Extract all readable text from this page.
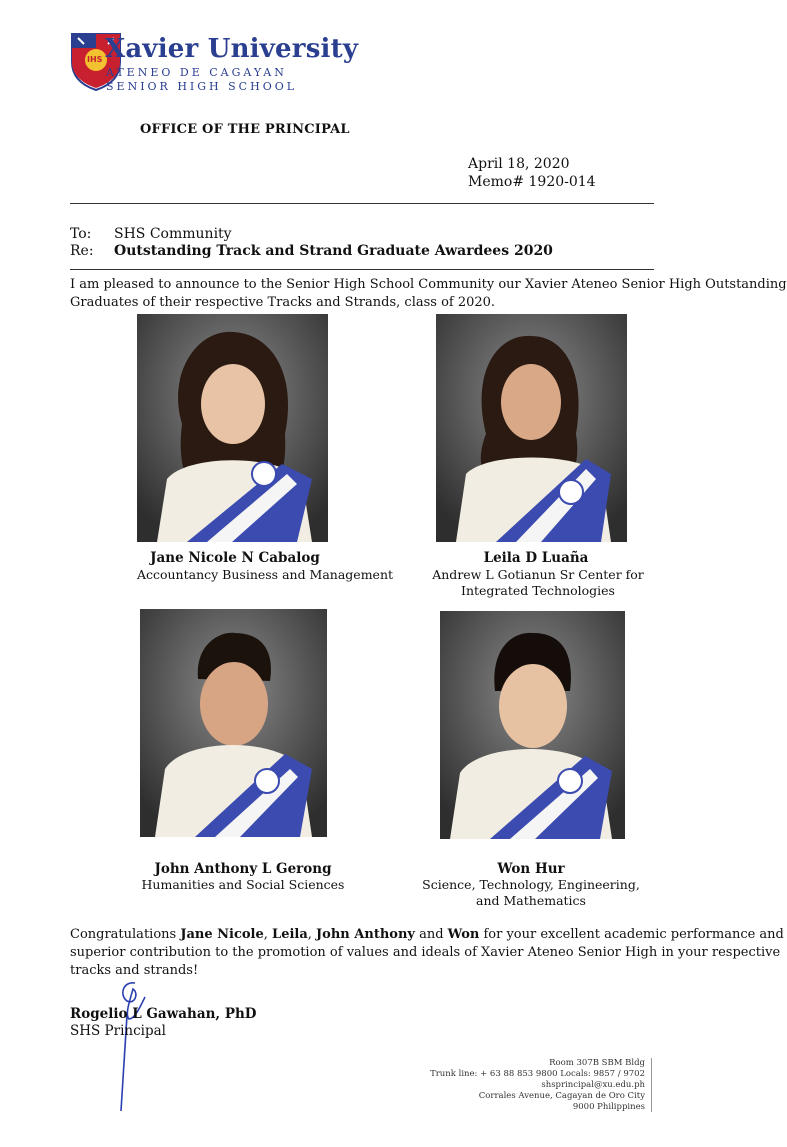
IHS Xavier University
ATENEO DE CAGAYAN
SENIOR HIGH SCHOOL
OFFICE OF THE PRINCIPAL
April 18, 2020
Memo# 1920-014
To: SHS Community
Re: Outstanding Track and Strand Graduate Awardees 2020
I am pleased to announce to the Senior High School Community our Xavier Ateneo Senior High Outstanding
Graduates of their respective Tracks and Strands, class of 2020.
Jane Nicole N Cabalog
Accountancy Business and Management
Leila D Luaña
Andrew L Gotianun Sr Center for
Integrated Technologies
John Anthony L Gerong
Humanities and Social Sciences
Won Hur
Science, Technology, Engineering,
and Mathematics
Congratulations Jane Nicole, Leila, John Anthony and Won for your excellent academic performance and
superior contribution to the promotion of values and ideals of Xavier Ateneo Senior High in your respective
tracks and strands!
Rogelio L Gawahan, PhD
SHS Principal
Room 307B SBM Bldg
Trunk line: + 63 88 853 9800 Locals: 9857 / 9702
shsprincipal@xu.edu.ph
Corrales Avenue, Cagayan de Oro City
9000 Philippines
